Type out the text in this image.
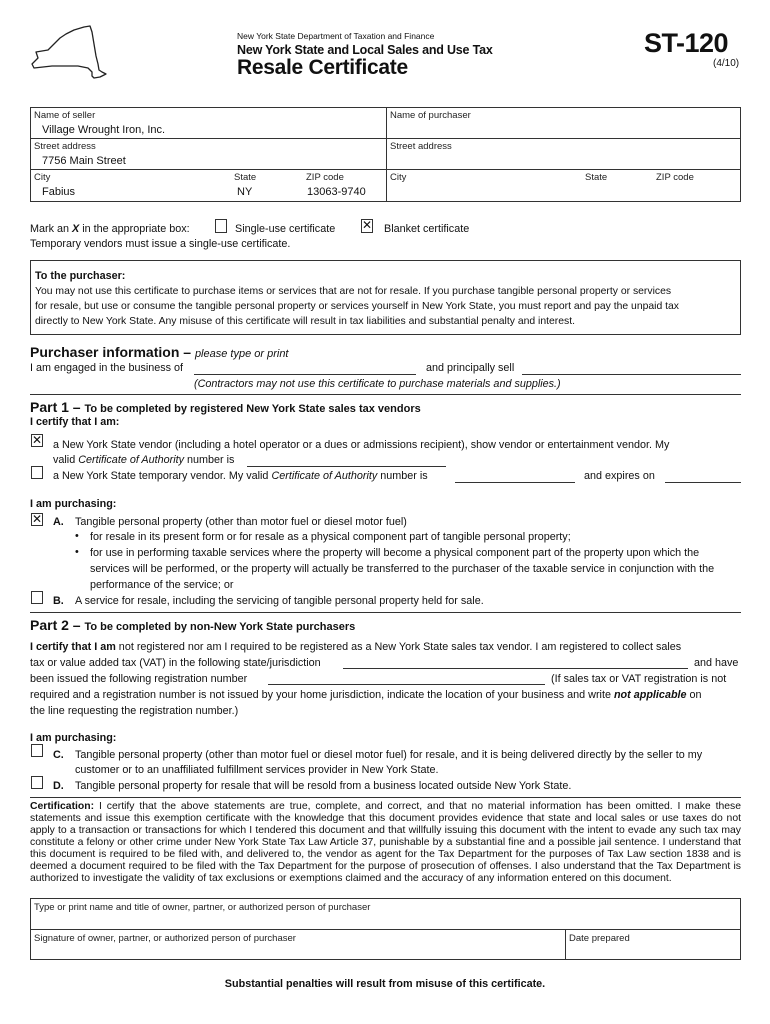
New York State Department of Taxation and Finance
New York State and Local Sales and Use Tax
Resale Certificate
ST-120
(4/10)
Name of seller
Village Wrought Iron, Inc.
Street address
7756 Main Street
City
Fabius
State
NY
ZIP code
13063-9740
Name of purchaser
Street address
City	State	ZIP code
Mark an X in the appropriate box:	Single-use certificate ✕ Blanket certificate
Temporary vendors must issue a single-use certificate.
To the purchaser:
You may not use this certificate to purchase items or services that are not for resale. If you purchase tangible personal property or services
for resale, but use or consume the tangible personal property or services yourself in New York State, you must report and pay the unpaid tax
directly to New York State. Any misuse of this certificate will result in tax liabilities and substantial penalty and interest.
Purchaser information – please type or print
I am engaged in the business of	and principally sell
(Contractors may not use this certificate to purchase materials and supplies.)
Part 1 – To be completed by registered New York State sales tax vendors
I certify that I am:
✕ a New York State vendor (including a hotel operator or a dues or admissions recipient), show vendor or entertainment vendor. My
valid Certificate of Authority number is
a New York State temporary vendor. My valid Certificate of Authority number is	and expires on
I am purchasing:
✕ A. Tangible personal property (other than motor fuel or diesel motor fuel)
• for resale in its present form or for resale as a physical component part of tangible personal property;
• for use in performing taxable services where the property will become a physical component part of the property upon which the
services will be performed, or the property will actually be transferred to the purchaser of the taxable service in conjunction with the
performance of the service; or
B. A service for resale, including the servicing of tangible personal property held for sale.
Part 2 – To be completed by non-New York State purchasers
I certify that I am not registered nor am I required to be registered as a New York State sales tax vendor. I am registered to collect sales
tax or value added tax (VAT) in the following state/jurisdiction	and have
been issued the following registration number	(If sales tax or VAT registration is not
required and a registration number is not issued by your home jurisdiction, indicate the location of your business and write not applicable on
the line requesting the registration number.)
I am purchasing:
C. Tangible personal property (other than motor fuel or diesel motor fuel) for resale, and it is being delivered directly by the seller to my
customer or to an unaffiliated fulfillment services provider in New York State.
D. Tangible personal property for resale that will be resold from a business located outside New York State.
Certification: I certify that the above statements are true, complete, and correct, and that no material information has been omitted. I make these statements and issue this exemption certificate with the knowledge that this document provides evidence that state and local sales or use taxes do not apply to a transaction or transactions for which I tendered this document and that willfully issuing this document with the intent to evade any such tax may constitute a felony or other crime under New York State Tax Law Article 37, punishable by a substantial fine and a possible jail sentence. I understand that this document is required to be filed with, and delivered to, the vendor as agent for the Tax Department for the purposes of Tax Law section 1838 and is deemed a document required to be filed with the Tax Department for the purpose of prosecution of offenses. I also understand that the Tax Department is authorized to investigate the validity of tax exclusions or exemptions claimed and the accuracy of any information entered on this document.
Type or print name and title of owner, partner, or authorized person of purchaser
Signature of owner, partner, or authorized person of purchaser	Date prepared
Substantial penalties will result from misuse of this certificate.
